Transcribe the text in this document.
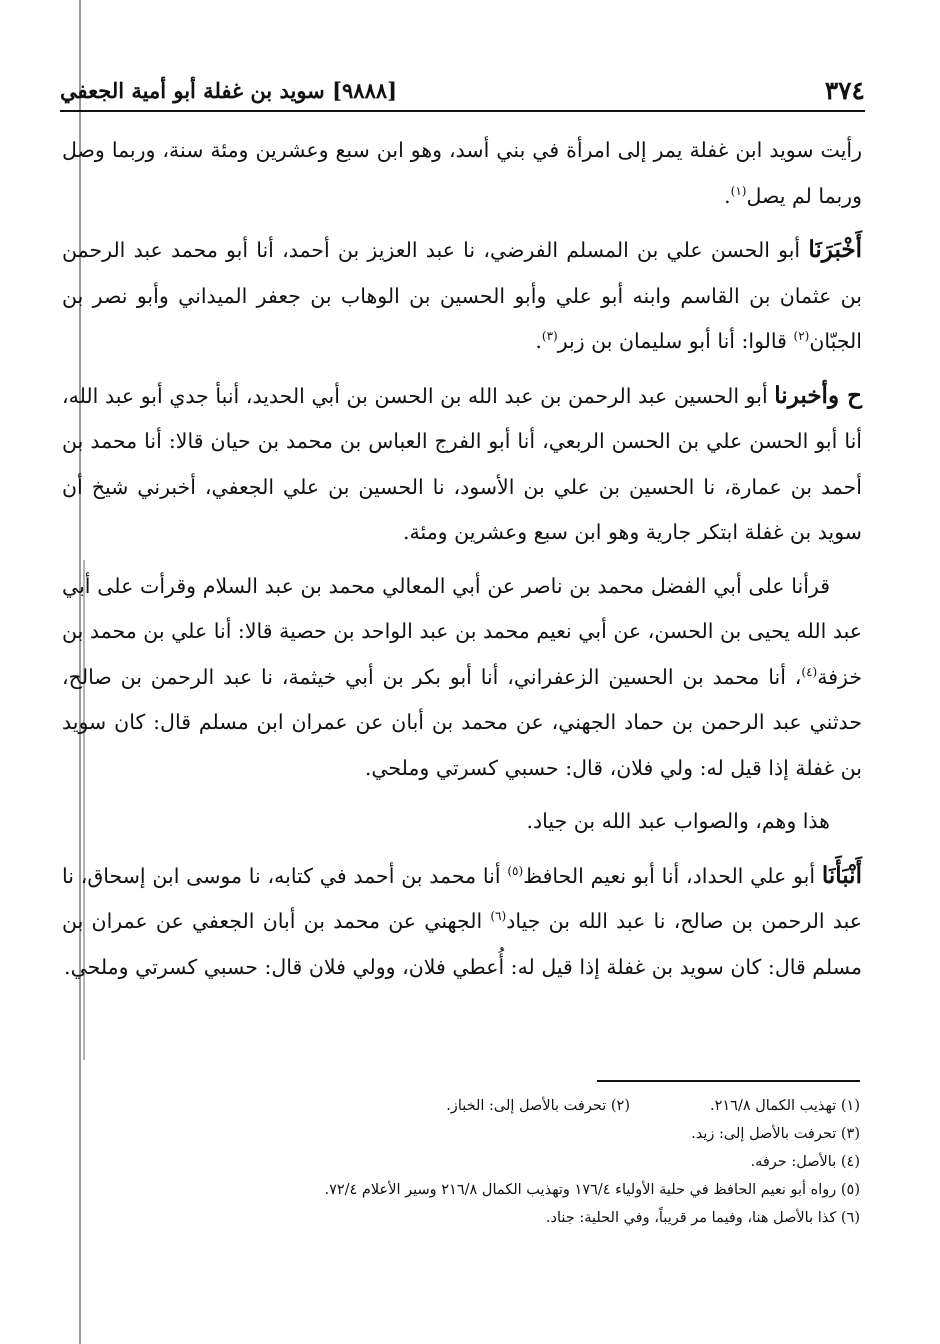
٣٧٤
[٩٨٨٨] سويد بن غفلة أبو أمية الجعفي

رأيت سويد ابن غفلة يمر إلى امرأة في بني أسد، وهو ابن سبع وعشرين ومئة سنة، وربما وصل وربما لم يصل$^{(١)}$.

أَخْبَرَنَا أبو الحسن علي بن المسلم الفرضي، نا عبد العزيز بن أحمد، أنا أبو محمد عبد الرحمن بن عثمان بن القاسم وابنه أبو علي وأبو الحسين بن الوهاب بن جعفر الميداني وأبو نصر بن الجبّان$^{(٢)}$ قالوا: أنا أبو سليمان بن زبر$^{(٣)}$.

ح وأخبرنا أبو الحسين عبد الرحمن بن عبد الله بن الحسن بن أبي الحديد، أنبأ جدي أبو عبد الله، أنا أبو الحسن علي بن الحسن الربعي، أنا أبو الفرج العباس بن محمد بن حيان قالا: أنا محمد بن أحمد بن عمارة، نا الحسين بن علي بن الأسود، نا الحسين بن علي الجعفي، أخبرني شيخ أن سويد بن غفلة ابتكر جارية وهو ابن سبع وعشرين ومئة.

قرأنا على أبي الفضل محمد بن ناصر عن أبي المعالي محمد بن عبد السلام وقرأت على أبي عبد الله يحيى بن الحسن، عن أبي نعيم محمد بن عبد الواحد بن حصية قالا: أنا علي بن محمد بن خزفة$^{(٤)}$، أنا محمد بن الحسين الزعفراني، أنا أبو بكر بن أبي خيثمة، نا عبد الرحمن بن صالح، حدثني عبد الرحمن بن حماد الجهني، عن محمد بن أبان عن عمران ابن مسلم قال: كان سويد بن غفلة إذا قيل له: ولي فلان، قال: حسبي كسرتي وملحي.

هذا وهم، والصواب عبد الله بن جياد.

أَنْبَأَنَا أبو علي الحداد، أنا أبو نعيم الحافظ$^{(٥)}$ أنا محمد بن أحمد في كتابه، نا موسى ابن إسحاق، نا عبد الرحمن بن صالح، نا عبد الله بن جياد$^{(٦)}$ الجهني عن محمد بن أبان الجعفي عن عمران بن مسلم قال: كان سويد بن غفلة إذا قيل له: أُعطي فلان، وولي فلان قال: حسبي كسرتي وملحي.

(١) تهذيب الكمال ٢١٦/٨.
(٢) تحرفت بالأصل إلى: الخباز.
(٣) تحرفت بالأصل إلى: زيد.
(٤) بالأصل: حرفه.
(٥) رواه أبو نعيم الحافظ في حلية الأولياء ١٧٦/٤ وتهذيب الكمال ٢١٦/٨ وسير الأعلام ٧٢/٤.
(٦) كذا بالأصل هنا، وفيما مر قريباً، وفي الحلية: جناد.
